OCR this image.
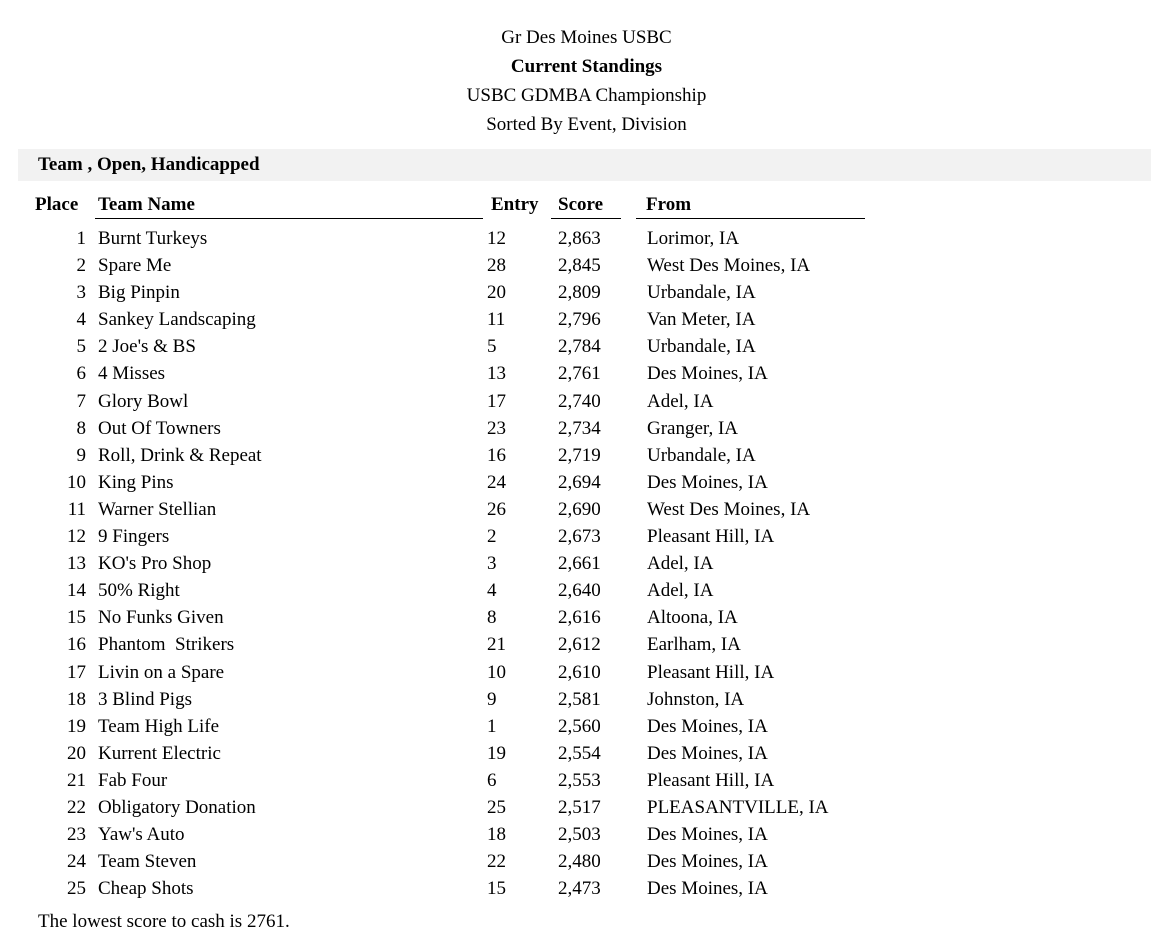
Gr Des Moines USBC
Current Standings
USBC GDMBA Championship
Sorted By Event, Division
Team , Open, Handicapped
Place Team Name	Entry Score From
1 Burnt Turkeys	12	2,863 Lorimor, IA
2 Spare Me	28	2,845 West Des Moines, IA
3 Big Pinpin	20	2,809 Urbandale, IA
4 Sankey Landscaping	11	2,796 Van Meter, IA
5 2 Joe's & BS	5	2,784 Urbandale, IA
6 4 Misses	13	2,761 Des Moines, IA
7 Glory Bowl	17	2,740 Adel, IA
8 Out Of Towners	23	2,734 Granger, IA
9 Roll, Drink & Repeat	16	2,719 Urbandale, IA
10 King Pins	24	2,694 Des Moines, IA
11 Warner Stellian	26	2,690 West Des Moines, IA
12 9 Fingers	2	2,673 Pleasant Hill, IA
13 KO's Pro Shop	3	2,661 Adel, IA
14 50% Right	4	2,640 Adel, IA
15 No Funks Given	8	2,616 Altoona, IA
16 Phantom  Strikers	21	2,612 Earlham, IA
17 Livin on a Spare	10	2,610 Pleasant Hill, IA
18 3 Blind Pigs	9	2,581 Johnston, IA
19 Team High Life	1	2,560 Des Moines, IA
20 Kurrent Electric	19	2,554 Des Moines, IA
21 Fab Four	6	2,553 Pleasant Hill, IA
22 Obligatory Donation	25	2,517 PLEASANTVILLE, IA
23 Yaw's Auto	18	2,503 Des Moines, IA
24 Team Steven	22	2,480 Des Moines, IA
25 Cheap Shots	15	2,473 Des Moines, IA
The lowest score to cash is 2761.
